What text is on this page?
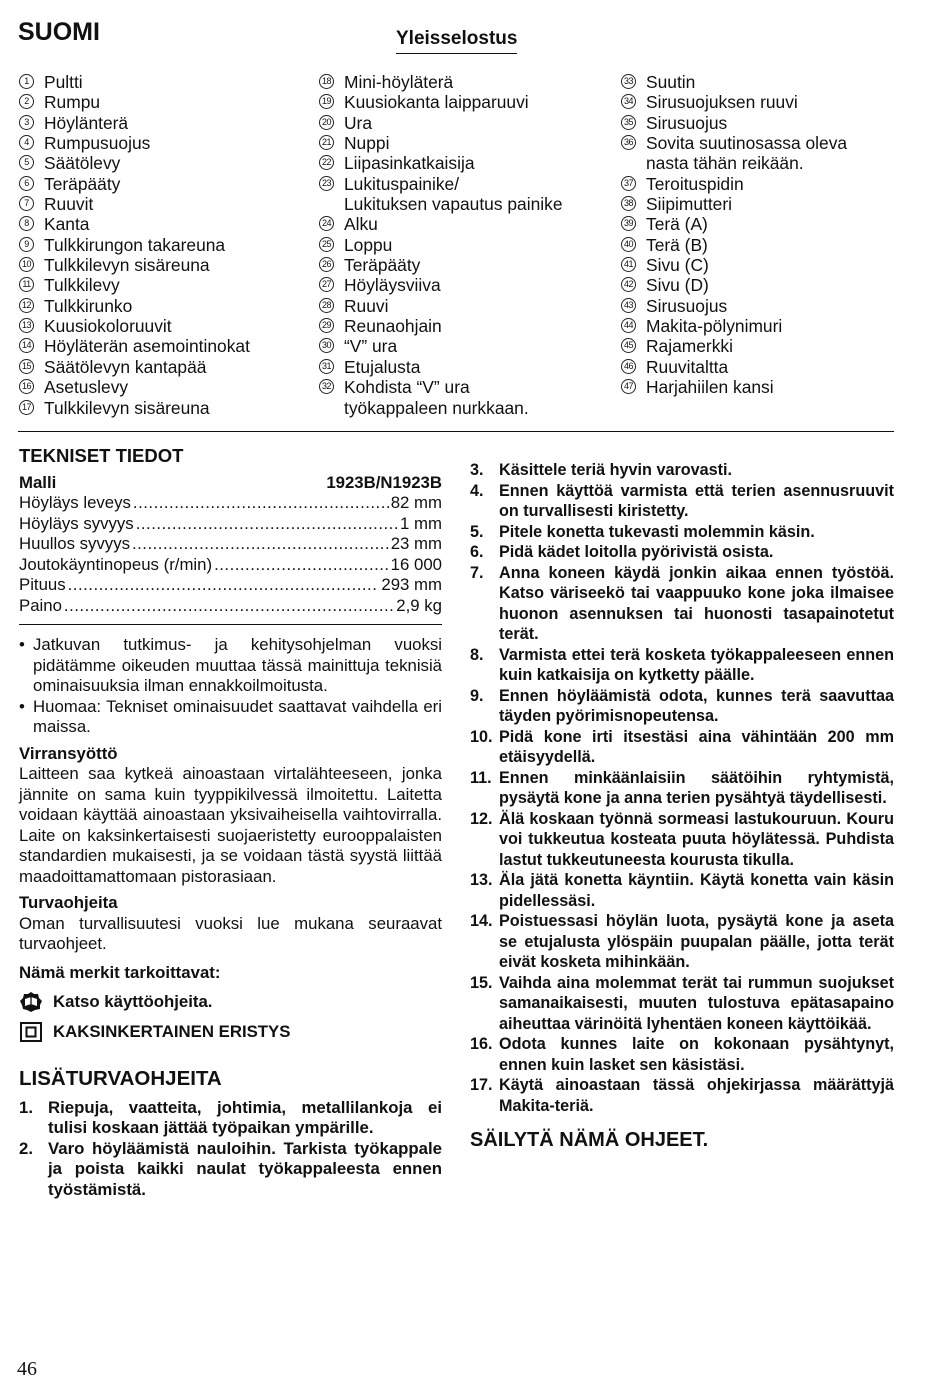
SUOMI	Yleisselostus
1 Pultti
2 Rumpu
3 Höylänterä
4 Rumpusuojus
5 Säätölevy
6 Teräpääty
7 Ruuvit
8 Kanta
9 Tulkkirungon takareuna
10 Tulkkilevyn sisäreuna
11 Tulkkilevy
12 Tulkkirunko
13 Kuusiokoloruuvit
14 Höyläterän asemointinokat
15 Säätölevyn kantapää
16 Asetuslevy
17 Tulkkilevyn sisäreuna
18 Mini-höyläterä
19 Kuusiokanta laipparuuvi
20 Ura
21 Nuppi
22 Liipasinkatkaisija
23 Lukituspainike/
Lukituksen vapautus painike
24 Alku
25 Loppu
26 Teräpääty
27 Höyläysviiva
28 Ruuvi
29 Reunaohjain
30 “V” ura
31 Etujalusta
32 Kohdista “V” ura
työkappaleen nurkkaan.
33 Suutin
34 Sirusuojuksen ruuvi
35 Sirusuojus
36 Sovita suutinosassa oleva
nasta tähän reikään.
37 Teroituspidin
38 Siipimutteri
39 Terä (A)
40 Terä (B)
41 Sivu (C)
42 Sivu (D)
43 Sirusuojus
44 Makita-pölynimuri
45 Rajamerkki
46 Ruuvitaltta
47 Harjahiilen kansi
TEKNISET TIEDOT
Malli	1923B/N1923B
Höyläys leveys .....	82 mm
Höyläys syvyys .....	1 mm
Huullos syvyys .....	23 mm
Joutokäyntinopeus (r/min) .....	16 000
Pituus .....	293 mm
Paino .....	2,9 kg
• Jatkuvan tutkimus- ja kehitysohjelman vuoksi pidätämme oikeuden muuttaa tässä mainittuja teknisiä ominaisuuksia ilman ennakkoilmoitusta.
• Huomaa: Tekniset ominaisuudet saattavat vaihdella eri maissa.
Virransyöttö
Laitteen saa kytkeä ainoastaan virtalähteeseen, jonka jännite on sama kuin tyyppikilvessä ilmoitettu. Laitetta voidaan käyttää ainoastaan yksivaiheisella vaihtovirralla. Laite on kaksinkertaisesti suojaeristetty eurooppalaisten standardien mukaisesti, ja se voidaan tästä syystä liittää maadoittamattomaan pistorasiaan.
Turvaohjeita
Oman turvallisuutesi vuoksi lue mukana seuraavat turvaohjeet.
Nämä merkit tarkoittavat:
Katso käyttöohjeita.
KAKSINKERTAINEN ERISTYS
LISÄTURVAOHJEITA
1. Riepuja, vaatteita, johtimia, metallilankoja ei tulisi koskaan jättää työpaikan ympärille.
2. Varo höyläämistä nauloihin. Tarkista työkappale ja poista kaikki naulat työkappaleesta ennen työstämistä.
3. Käsittele teriä hyvin varovasti.
4. Ennen käyttöä varmista että terien asennusruuvit on turvallisesti kiristetty.
5. Pitele konetta tukevasti molemmin käsin.
6. Pidä kädet loitolla pyörivistä osista.
7. Anna koneen käydä jonkin aikaa ennen työstöä. Katso väriseekö tai vaappuuko kone joka ilmaisee huonon asennuksen tai huonosti tasapainotetut terät.
8. Varmista ettei terä kosketa työkappaleeseen ennen kuin katkaisija on kytketty päälle.
9. Ennen höyläämistä odota, kunnes terä saavuttaa täyden pyörimisnopeutensa.
10. Pidä kone irti itsestäsi aina vähintään 200 mm etäisyydellä.
11. Ennen minkäänlaisiin säätöihin ryhtymistä, pysäytä kone ja anna terien pysähtyä täydellisesti.
12. Älä koskaan työnnä sormeasi lastukouruun. Kouru voi tukkeutua kosteata puuta höylätessä. Puhdista lastut tukkeutuneesta kourusta tikulla.
13. Äla jätä konetta käyntiin. Käytä konetta vain käsin pidellessäsi.
14. Poistuessasi höylän luota, pysäytä kone ja aseta se etujalusta ylöspäin puupalan päälle, jotta terät eivät kosketa mihinkään.
15. Vaihda aina molemmat terät tai rummun suojukset samanaikaisesti, muuten tulostuva epätasapaino aiheuttaa värinöitä lyhentäen koneen käyttöikää.
16. Odota kunnes laite on kokonaan pysähtynyt, ennen kuin lasket sen käsistäsi.
17. Käytä ainoastaan tässä ohjekirjassa määrättyjä Makita-teriä.
SÄILYTÄ NÄMÄ OHJEET.
46
